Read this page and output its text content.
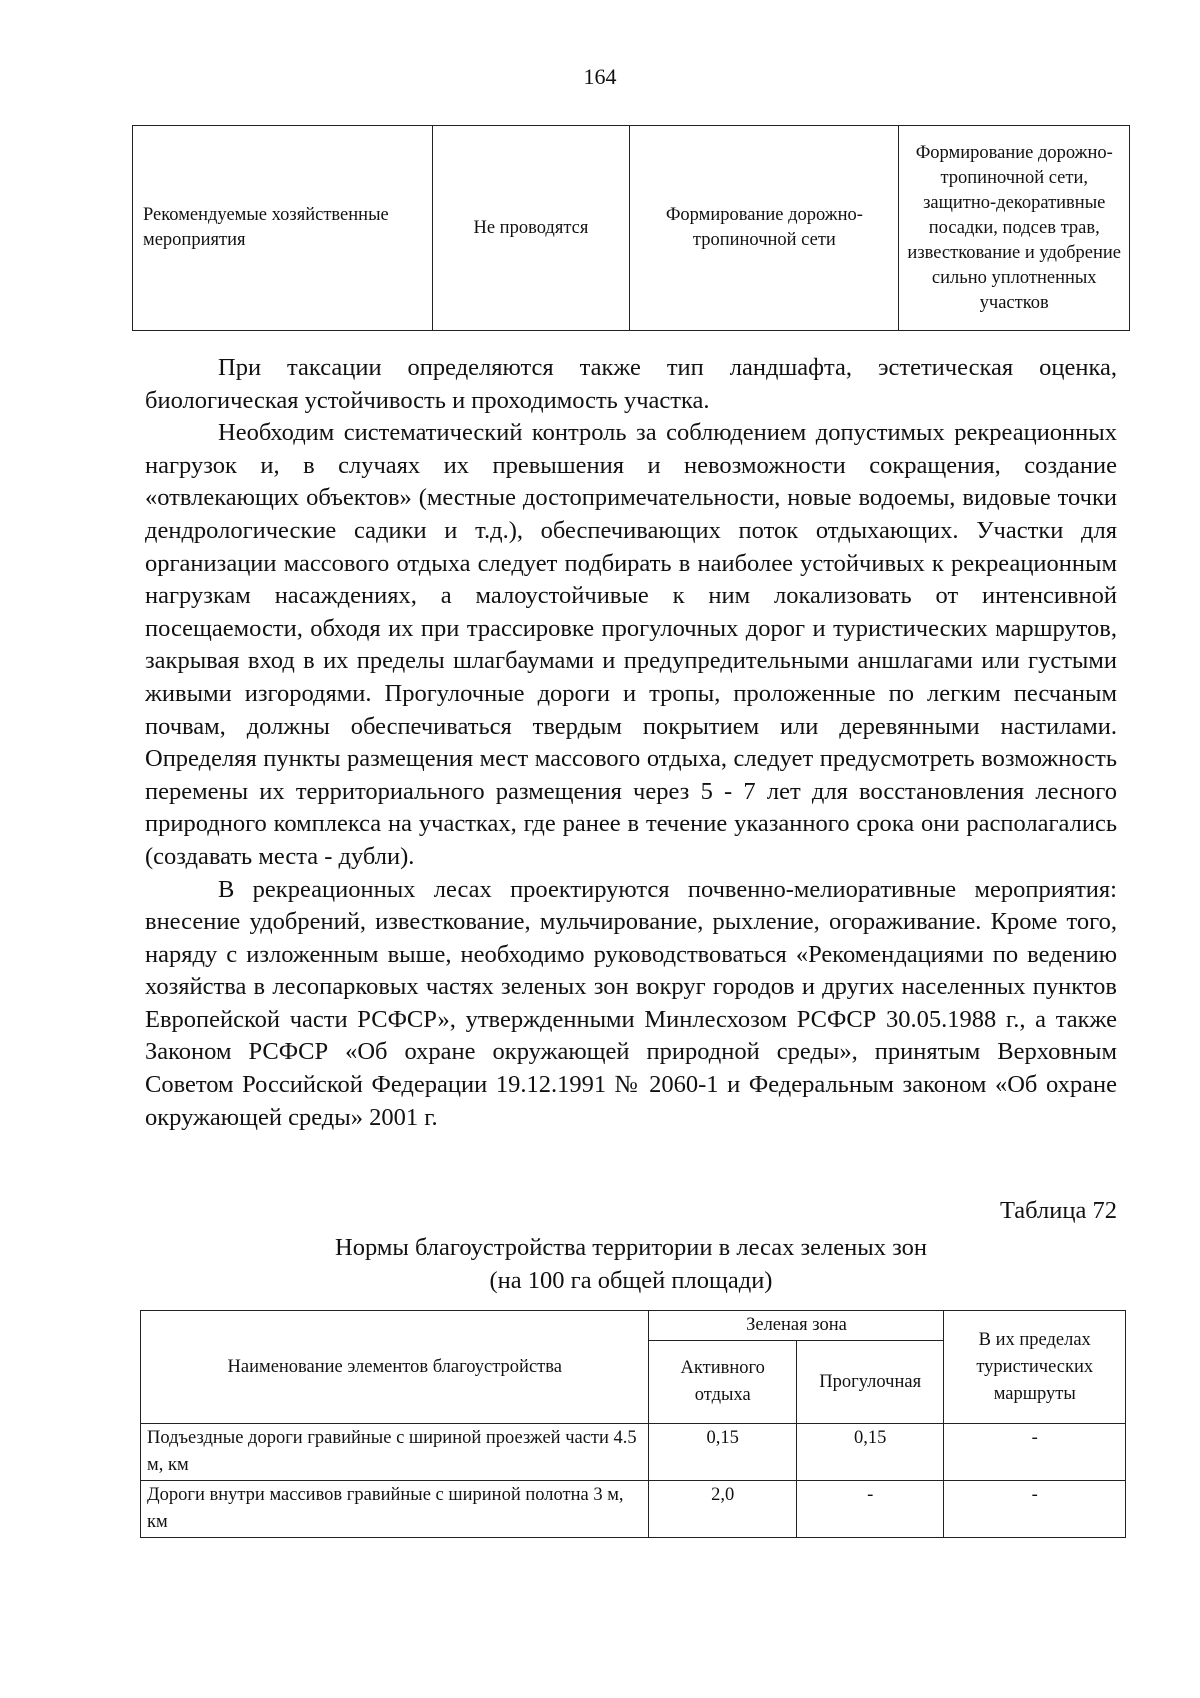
164
Рекомендуемые хозяйственные мероприятия	Не проводятся	Формирование дорожно-тропиночной сети	Формирование дорожно-тропиночной сети, защитно-декоративные посадки, подсев трав, известкование и удобрение сильно уплотненных участков

При таксации определяются также тип ландшафта, эстетическая оценка, биологическая устойчивость и проходимость участка.

Необходим систематический контроль за соблюдением допустимых рекреационных нагрузок и, в случаях их превышения и невозможности сокращения, создание «отвлекающих объектов» (местные достопримечательности, новые водоемы, видовые точки дендрологические садики и т.д.), обеспечивающих поток отдыхающих. Участки для организации массового отдыха следует подбирать в наиболее устойчивых к рекреационным нагрузкам насаждениях, а малоустойчивые к ним локализовать от интенсивной посещаемости, обходя их при трассировке прогулочных дорог и туристических маршрутов, закрывая вход в их пределы шлагбаумами и предупредительными аншлагами или густыми живыми изгородями. Прогулочные дороги и тропы, проложенные по легким песчаным почвам, должны обеспечиваться твердым покрытием или деревянными настилами. Определяя пункты размещения мест массового отдыха, следует предусмотреть возможность перемены их территориального размещения через 5 - 7 лет для восстановления лесного природного комплекса на участках, где ранее в течение указанного срока они располагались (создавать места - дубли).

В рекреационных лесах проектируются почвенно-мелиоративные мероприятия: внесение удобрений, известкование, мульчирование, рыхление, огораживание. Кроме того, наряду с изложенным выше, необходимо руководствоваться «Рекомендациями по ведению хозяйства в лесопарковых частях зеленых зон вокруг городов и других населенных пунктов Европейской части РСФСР», утвержденными Минлесхозом РСФСР 30.05.1988 г., а также Законом РСФСР «Об охране окружающей природной среды», принятым Верховным Советом Российской Федерации 19.12.1991 № 2060-1 и Федеральным законом «Об охране окружающей среды» 2001 г.

Таблица 72
Нормы благоустройства территории в лесах зеленых зон
(на 100 га общей площади)
Наименование элементов благоустройства	Зеленая зона		В их пределах туристических маршруты
	Активного отдыха	Прогулочная	
Подъездные дороги гравийные с шириной проезжей части 4.5 м, км	0,15	0,15	-
Дороги внутри массивов гравийные с шириной полотна 3 м, км	2,0	-	-
